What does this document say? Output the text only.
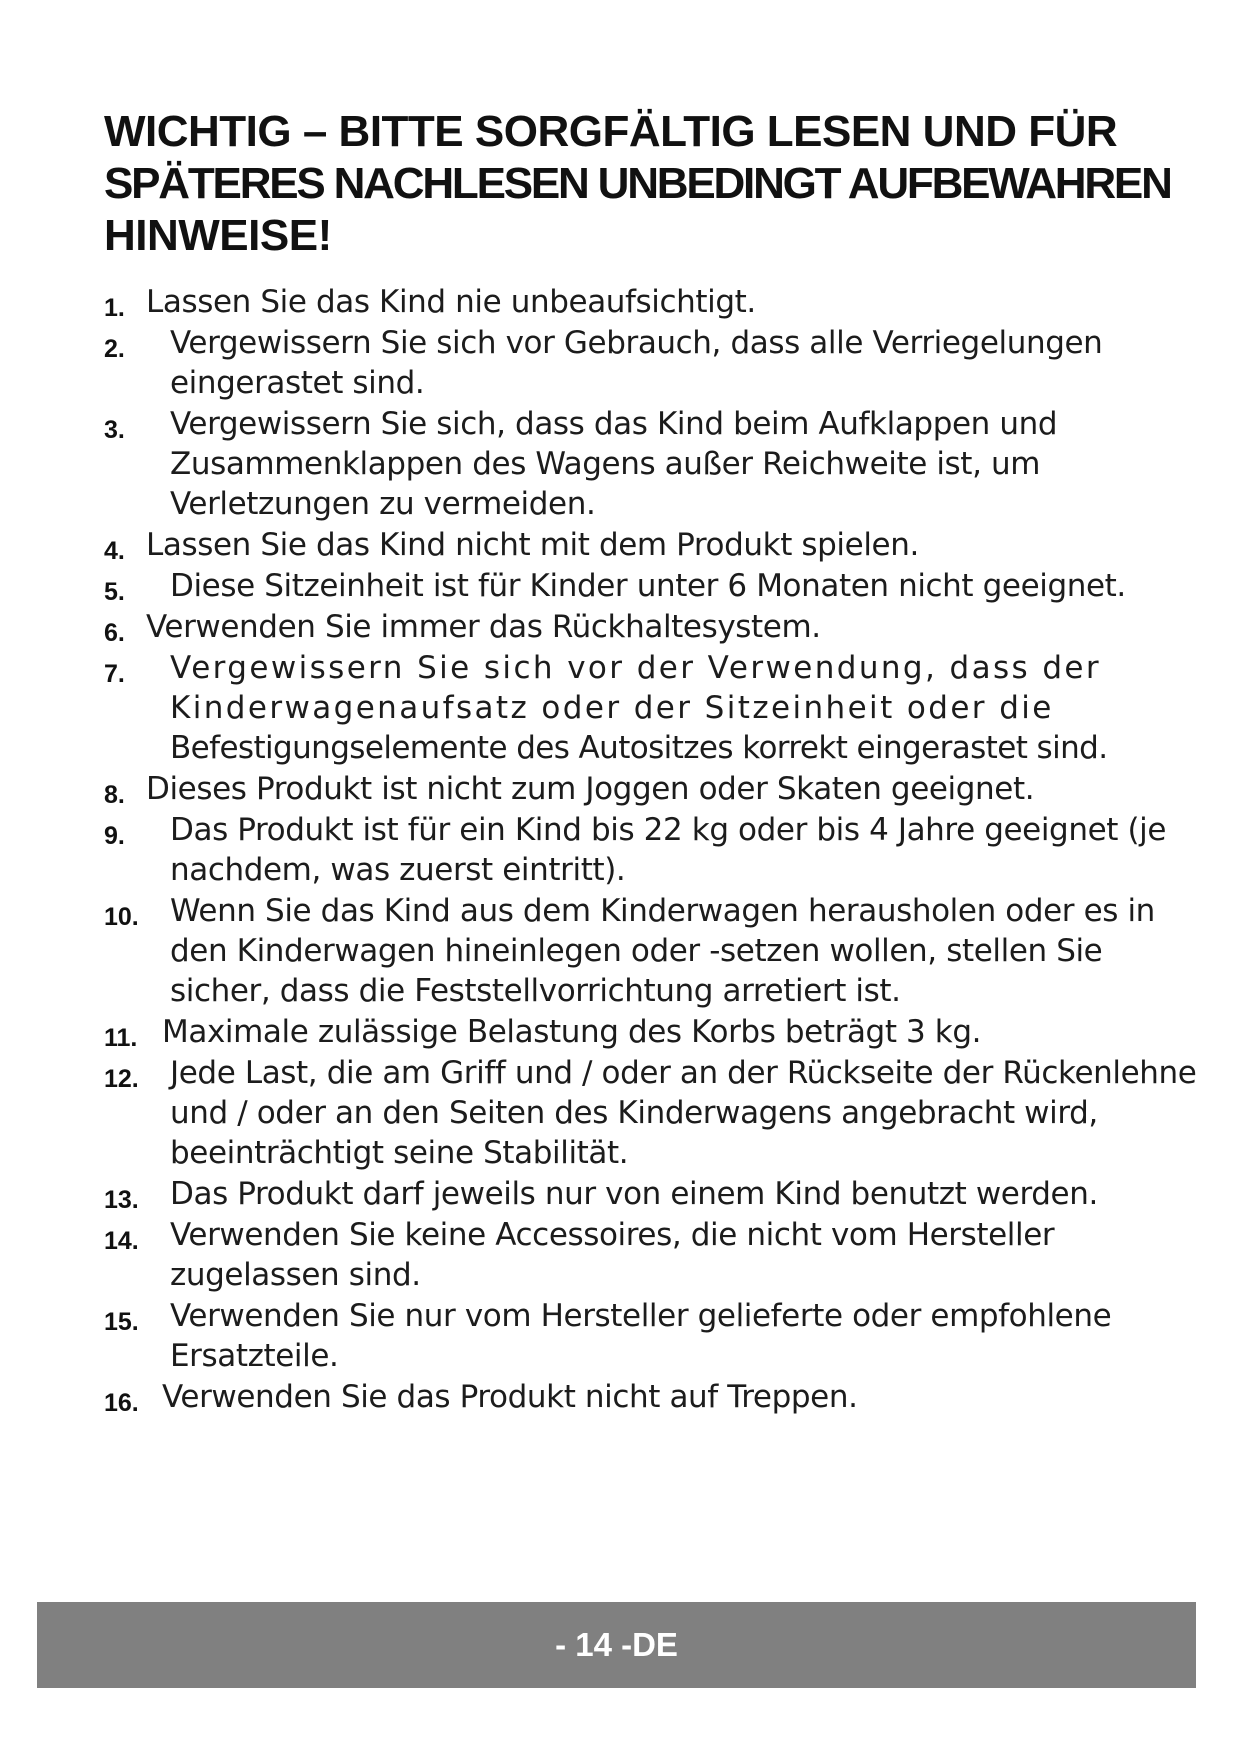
WICHTIG – BITTE SORGFÄLTIG LESEN UND FÜR
SPÄTERES NACHLESEN UNBEDINGT AUFBEWAHREN
HINWEISE!
1. Lassen Sie das Kind nie unbeaufsichtigt.
2. Vergewissern Sie sich vor Gebrauch, dass alle Verriegelungen eingerastet sind.
3. Vergewissern Sie sich, dass das Kind beim Aufklappen und Zusammenklappen des Wagens außer Reichweite ist, um Verletzungen zu vermeiden.
4. Lassen Sie das Kind nicht mit dem Produkt spielen.
5. Diese Sitzeinheit ist für Kinder unter 6 Monaten nicht geeignet.
6. Verwenden Sie immer das Rückhaltesystem.
7. Vergewissern Sie sich vor der Verwendung, dass der Kinderwagenaufsatz oder der Sitzeinheit oder die
Befestigungselemente des Autositzes korrekt eingerastet sind.
8. Dieses Produkt ist nicht zum Joggen oder Skaten geeignet.
9. Das Produkt ist für ein Kind bis 22 kg oder bis 4 Jahre geeignet (je nachdem, was zuerst eintritt).
10. Wenn Sie das Kind aus dem Kinderwagen herausholen oder es in den Kinderwagen hineinlegen oder -setzen wollen, stellen Sie sicher, dass die Feststellvorrichtung arretiert ist.
11. Maximale zulässige Belastung des Korbs beträgt 3 kg.
12. Jede Last, die am Griff und / oder an der Rückseite der Rückenlehne und / oder an den Seiten des Kinderwagens angebracht wird, beeinträchtigt seine Stabilität.
13. Das Produkt darf jeweils nur von einem Kind benutzt werden.
14. Verwenden Sie keine Accessoires, die nicht vom Hersteller zugelassen sind.
15. Verwenden Sie nur vom Hersteller gelieferte oder empfohlene Ersatzteile.
16. Verwenden Sie das Produkt nicht auf Treppen.
- 14 -DE
